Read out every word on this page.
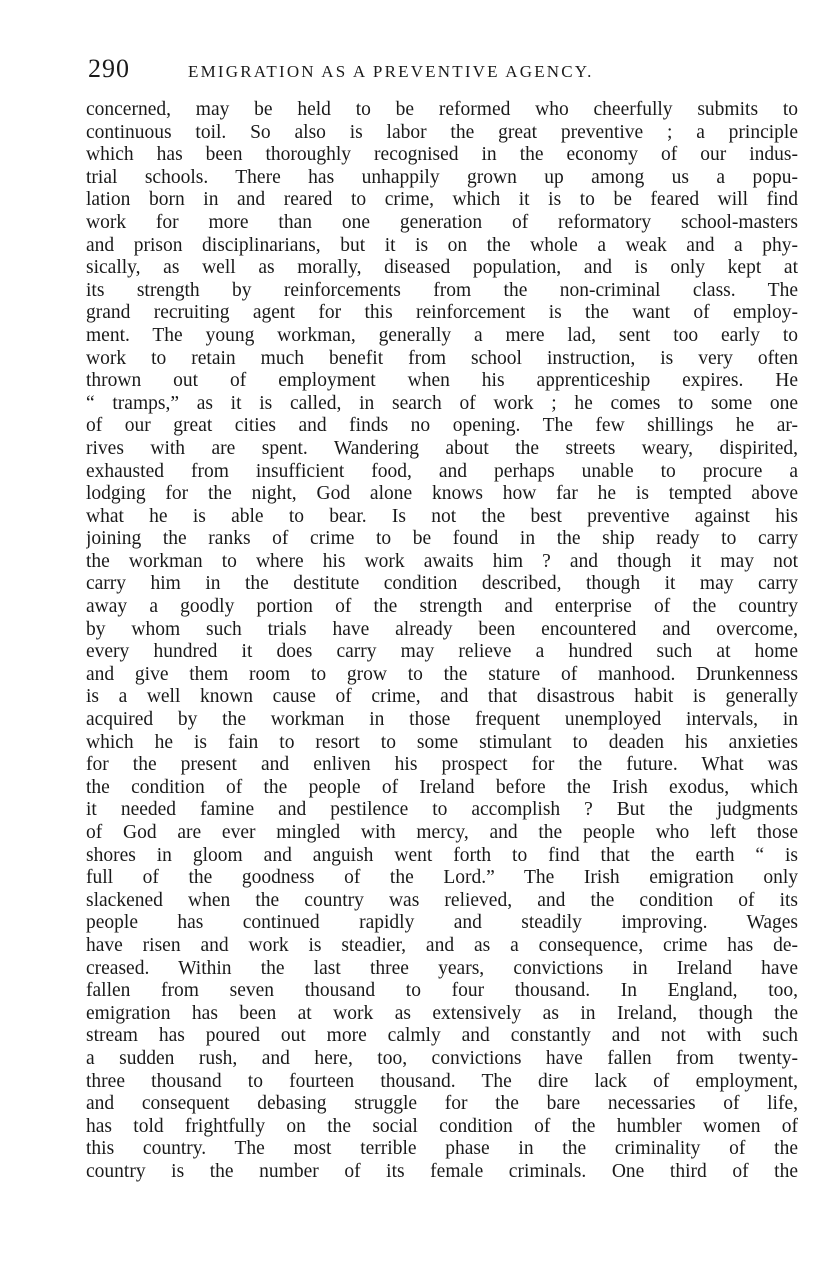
290	EMIGRATION AS A PREVENTIVE AGENCY.
concerned, may be held to be reformed who cheerfully submits to
continuous toil. So also is labor the great preventive ; a principle
which has been thoroughly recognised in the economy of our indus-
trial schools. There has unhappily grown up among us a popu-
lation born in and reared to crime, which it is to be feared will find
work for more than one generation of reformatory school-masters
and prison disciplinarians, but it is on the whole a weak and a phy-
sically, as well as morally, diseased population, and is only kept at
its strength by reinforcements from the non-criminal class. The
grand recruiting agent for this reinforcement is the want of employ-
ment. The young workman, generally a mere lad, sent too early to
work to retain much benefit from school instruction, is very often
thrown out of employment when his apprenticeship expires. He
“ tramps,” as it is called, in search of work ; he comes to some one
of our great cities and finds no opening. The few shillings he ar-
rives with are spent. Wandering about the streets weary, dispirited,
exhausted from insufficient food, and perhaps unable to procure a
lodging for the night, God alone knows how far he is tempted above
what he is able to bear. Is not the best preventive against his
joining the ranks of crime to be found in the ship ready to carry
the workman to where his work awaits him ? and though it may not
carry him in the destitute condition described, though it may carry
away a goodly portion of the strength and enterprise of the country
by whom such trials have already been encountered and overcome,
every hundred it does carry may relieve a hundred such at home
and give them room to grow to the stature of manhood. Drunkenness
is a well known cause of crime, and that disastrous habit is generally
acquired by the workman in those frequent unemployed intervals, in
which he is fain to resort to some stimulant to deaden his anxieties
for the present and enliven his prospect for the future. What was
the condition of the people of Ireland before the Irish exodus, which
it needed famine and pestilence to accomplish ? But the judgments
of God are ever mingled with mercy, and the people who left those
shores in gloom and anguish went forth to find that the earth “ is
full of the goodness of the Lord.” The Irish emigration only
slackened when the country was relieved, and the condition of its
people has continued rapidly and steadily improving. Wages
have risen and work is steadier, and as a consequence, crime has de-
creased. Within the last three years, convictions in Ireland have
fallen from seven thousand to four thousand. In England, too,
emigration has been at work as extensively as in Ireland, though the
stream has poured out more calmly and constantly and not with such
a sudden rush, and here, too, convictions have fallen from twenty-
three thousand to fourteen thousand. The dire lack of employment,
and consequent debasing struggle for the bare necessaries of life,
has told frightfully on the social condition of the humbler women of
this country. The most terrible phase in the criminality of the
country is the number of its female criminals. One third of the
